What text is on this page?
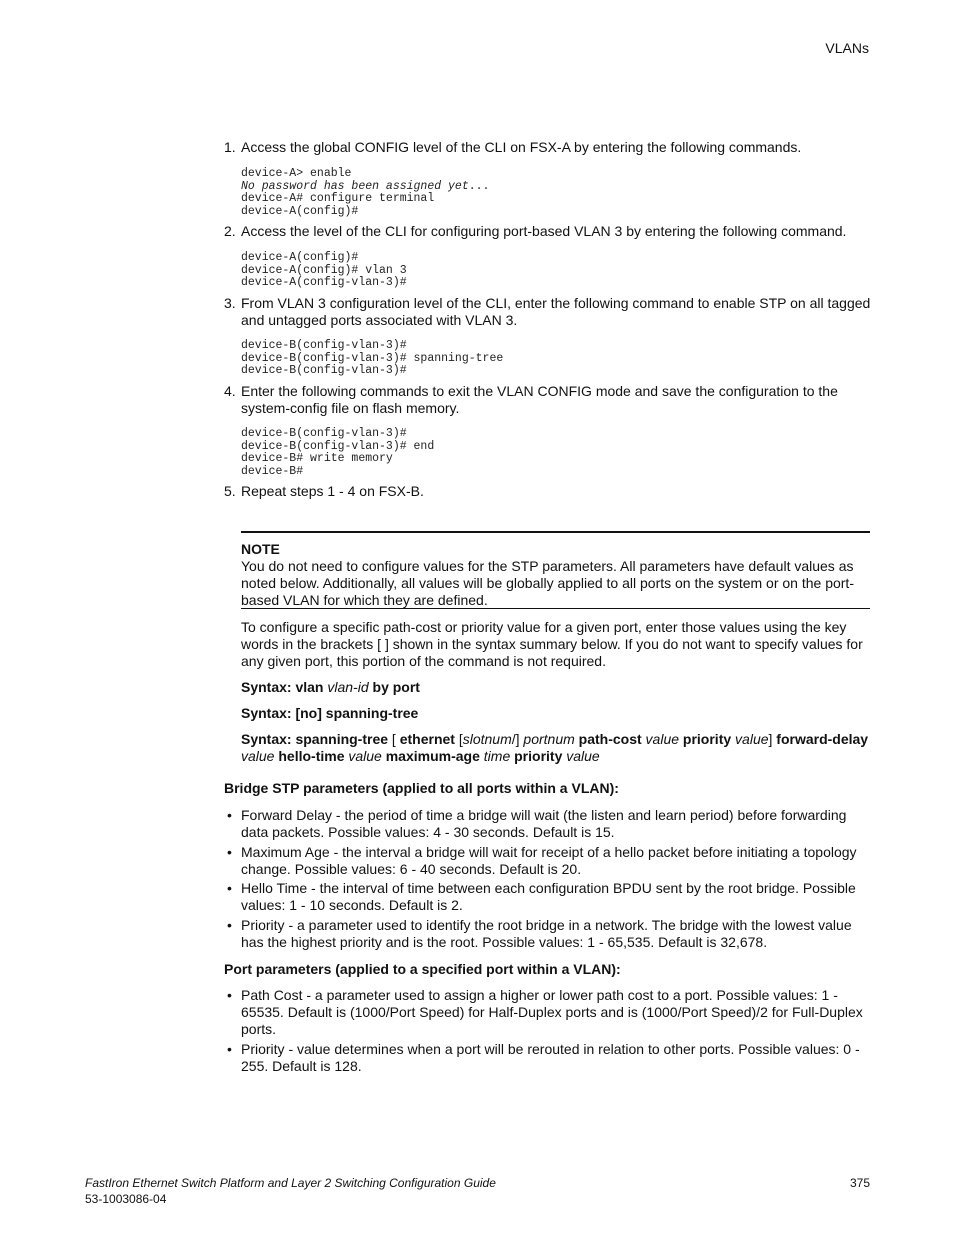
VLANs
1. Access the global CONFIG level of the CLI on FSX-A by entering the following commands.
device-A> enable
No password has been assigned yet...
device-A# configure terminal
device-A(config)#
2. Access the level of the CLI for configuring port-based VLAN 3 by entering the following command.
device-A(config)#
device-A(config)# vlan 3
device-A(config-vlan-3)#
3. From VLAN 3 configuration level of the CLI, enter the following command to enable STP on all tagged and untagged ports associated with VLAN 3.
device-B(config-vlan-3)#
device-B(config-vlan-3)# spanning-tree
device-B(config-vlan-3)#
4. Enter the following commands to exit the VLAN CONFIG mode and save the configuration to the system-config file on flash memory.
device-B(config-vlan-3)#
device-B(config-vlan-3)# end
device-B# write memory
device-B#
5. Repeat steps 1 - 4 on FSX-B.
NOTE
You do not need to configure values for the STP parameters. All parameters have default values as noted below. Additionally, all values will be globally applied to all ports on the system or on the port-based VLAN for which they are defined.
To configure a specific path-cost or priority value for a given port, enter those values using the key words in the brackets [ ] shown in the syntax summary below. If you do not want to specify values for any given port, this portion of the command is not required.
Syntax: vlan vlan-id by port
Syntax: [no] spanning-tree
Syntax: spanning-tree [ ethernet [slotnum/] portnum path-cost value priority value] forward-delay
value hello-time value maximum-age time priority value
Bridge STP parameters (applied to all ports within a VLAN):
• Forward Delay - the period of time a bridge will wait (the listen and learn period) before forwarding data packets. Possible values: 4 - 30 seconds. Default is 15.
• Maximum Age - the interval a bridge will wait for receipt of a hello packet before initiating a topology change. Possible values: 6 - 40 seconds. Default is 20.
• Hello Time - the interval of time between each configuration BPDU sent by the root bridge. Possible values: 1 - 10 seconds. Default is 2.
• Priority - a parameter used to identify the root bridge in a network. The bridge with the lowest value has the highest priority and is the root. Possible values: 1 - 65,535. Default is 32,678.
Port parameters (applied to a specified port within a VLAN):
• Path Cost - a parameter used to assign a higher or lower path cost to a port. Possible values: 1 - 65535. Default is (1000/Port Speed) for Half-Duplex ports and is (1000/Port Speed)/2 for Full-Duplex ports.
• Priority - value determines when a port will be rerouted in relation to other ports. Possible values: 0 - 255. Default is 128.
FastIron Ethernet Switch Platform and Layer 2 Switching Configuration Guide
53-1003086-04
375
